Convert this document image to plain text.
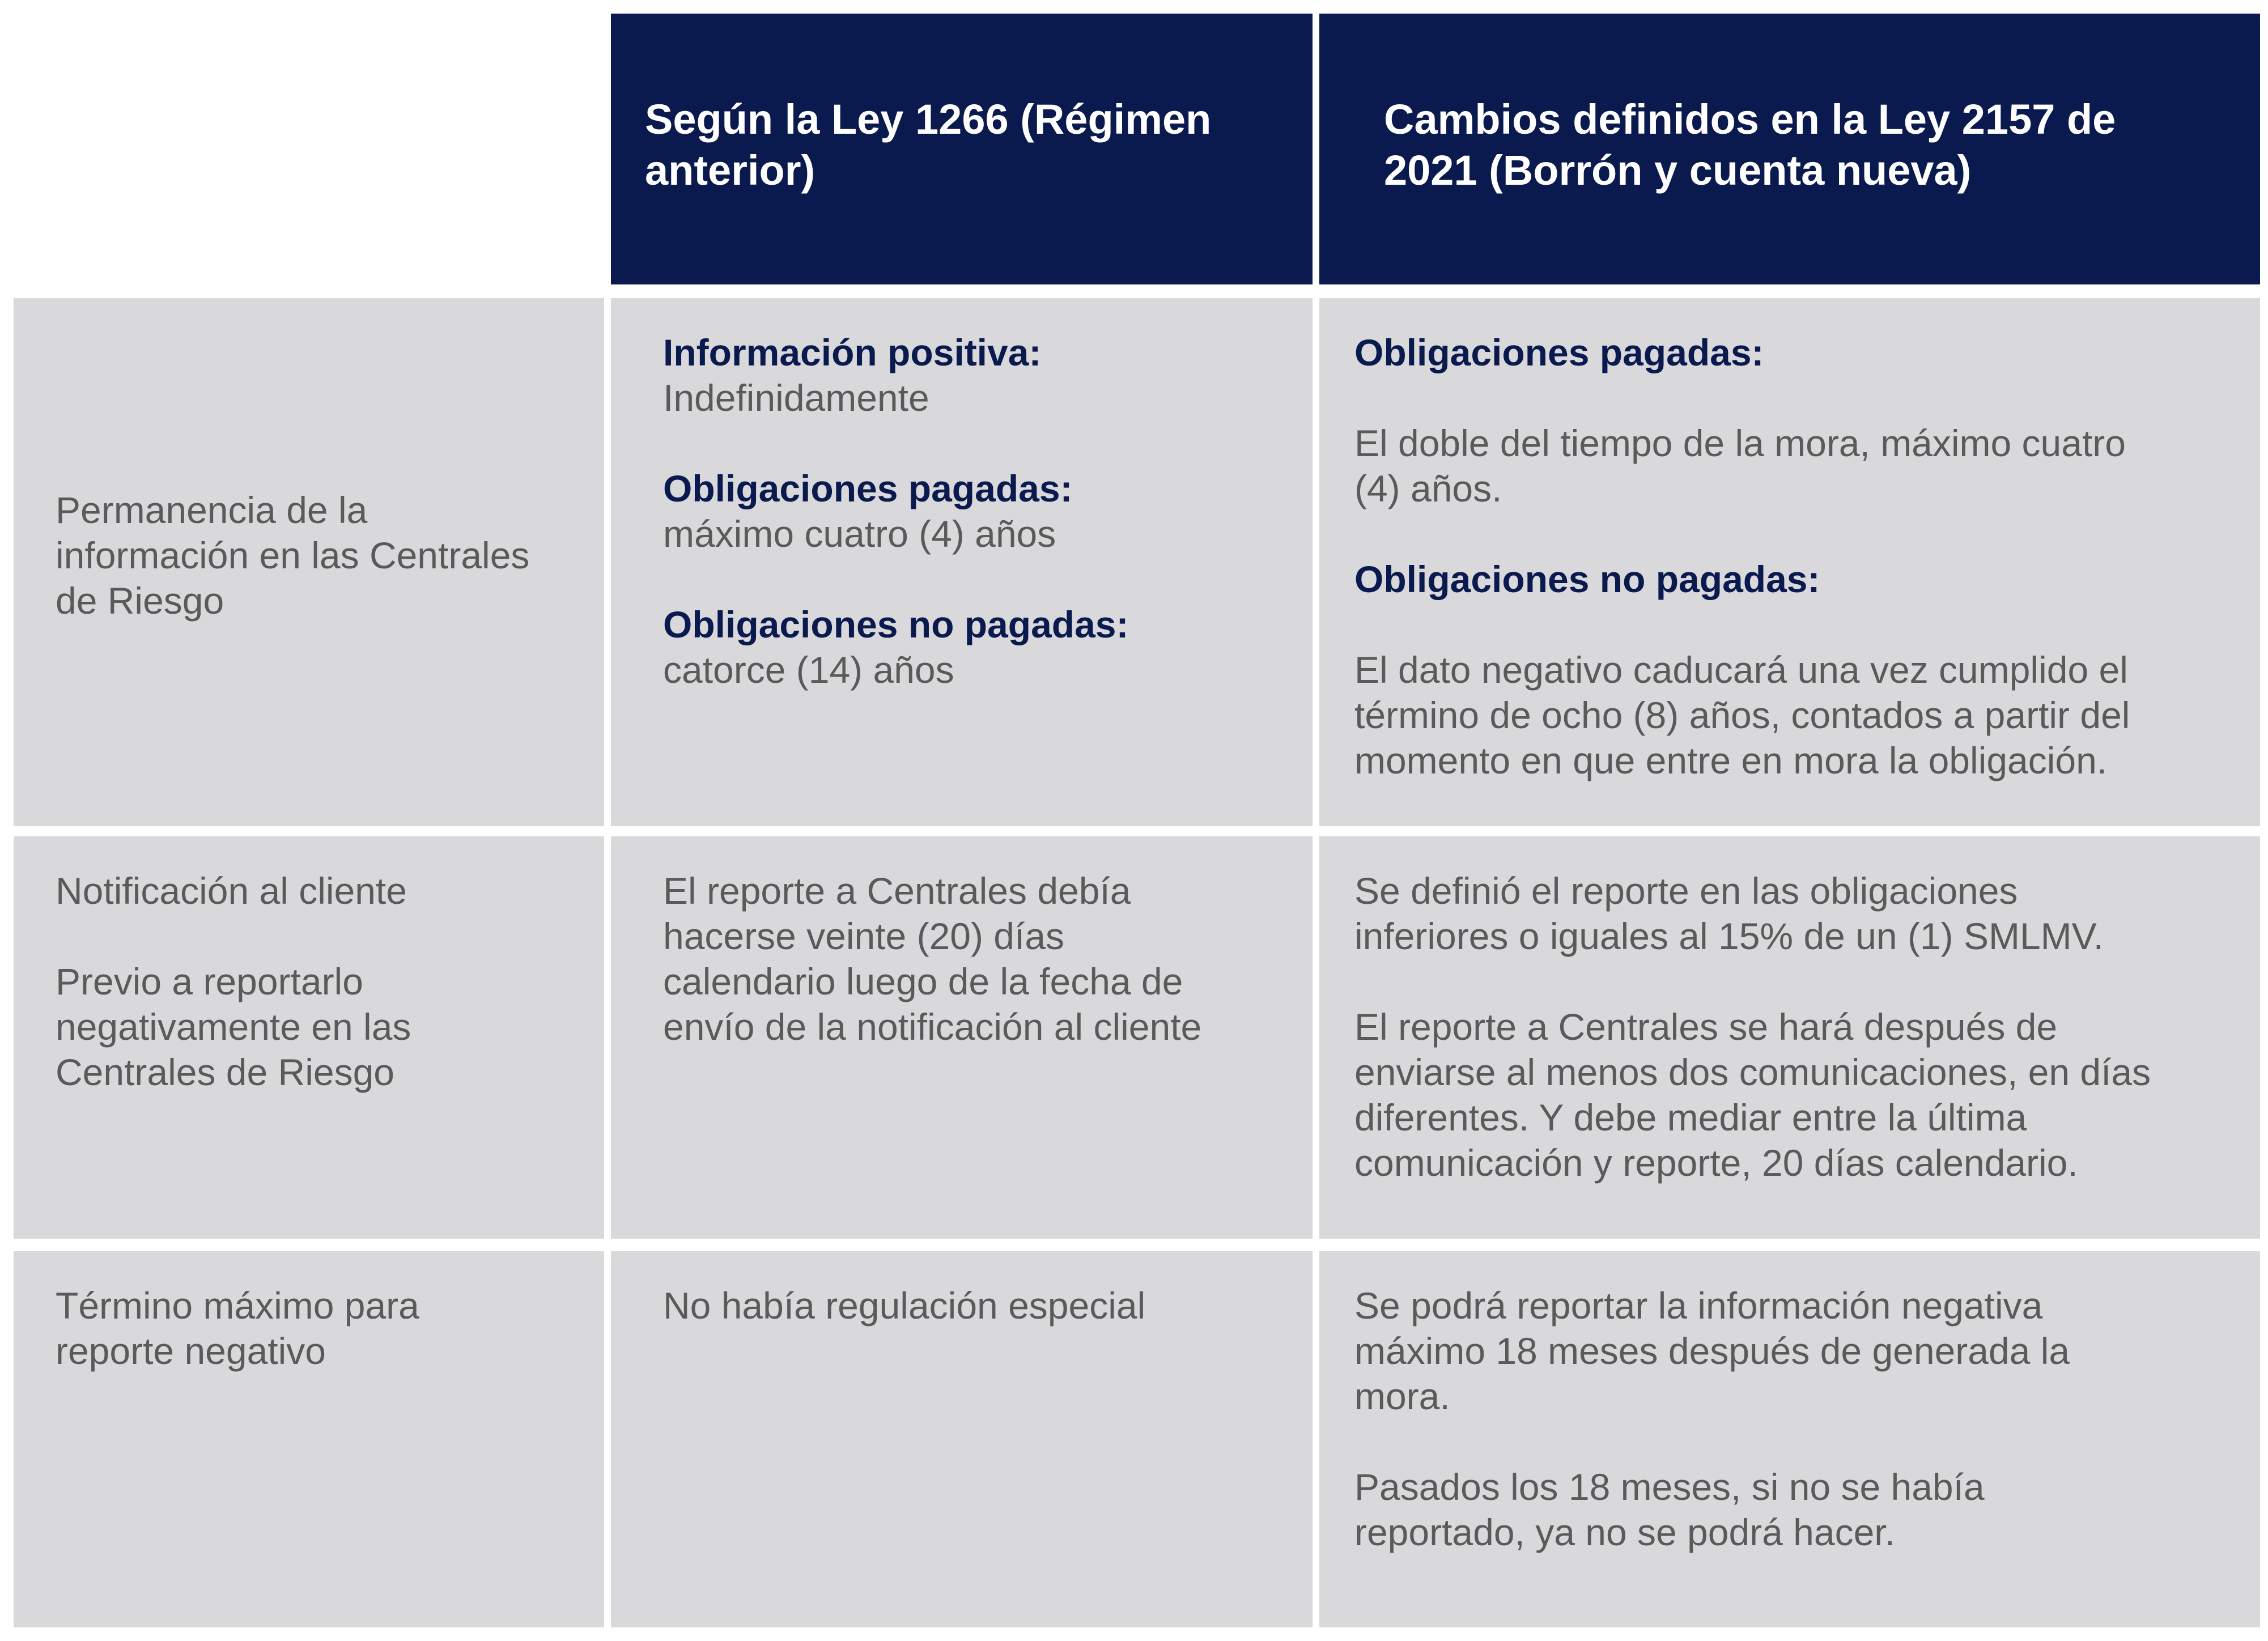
Según la Ley 1266 (Régimen
anterior)
Cambios definidos en la Ley 2157 de
2021 (Borrón y cuenta nueva)
Permanencia de la
información en las Centrales
de Riesgo
Información positiva:
Indefinidamente
Obligaciones pagadas:
máximo cuatro (4) años
Obligaciones no pagadas:
catorce (14) años
Obligaciones pagadas:
El doble del tiempo de la mora, máximo cuatro
(4) años.
Obligaciones no pagadas:
El dato negativo caducará una vez cumplido el
término de ocho (8) años, contados a partir del
momento en que entre en mora la obligación.
Notificación al cliente
Previo a reportarlo
negativamente en las
Centrales de Riesgo
El reporte a Centrales debía
hacerse veinte (20) días
calendario luego de la fecha de
envío de la notificación al cliente
Se definió el reporte en las obligaciones
inferiores o iguales al 15% de un (1) SMLMV.
El reporte a Centrales se hará después de
enviarse al menos dos comunicaciones, en días
diferentes. Y debe mediar entre la última
comunicación y reporte, 20 días calendario.
Término máximo para
reporte negativo
No había regulación especial	Se podrá reportar la información negativa
máximo 18 meses después de generada la
mora.
Pasados los 18 meses, si no se había
reportado, ya no se podrá hacer.
